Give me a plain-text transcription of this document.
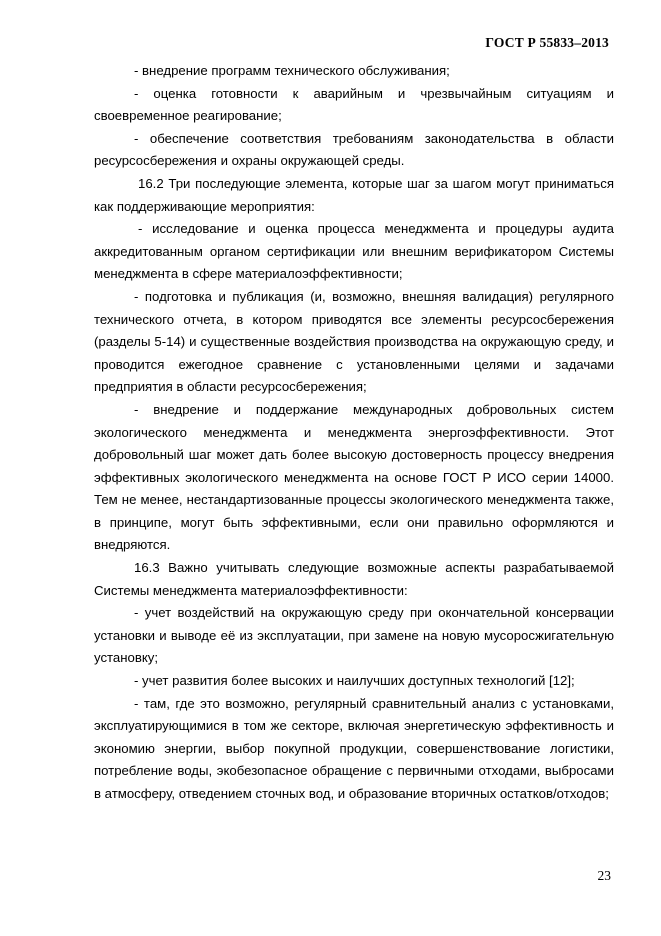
ГОСТ Р 55833–2013

- внедрение программ технического обслуживания;

- оценка готовности к аварийным и чрезвычайным ситуациям и своевременное реагирование;

- обеспечение соответствия требованиям законодательства в области ресурсосбережения и охраны окружающей среды.

16.2 Три последующие элемента, которые шаг за шагом могут приниматься как поддерживающие мероприятия:

- исследование и оценка процесса менеджмента и процедуры аудита аккредитованным органом сертификации или внешним верификатором Системы менеджмента в сфере материалоэффективности;

- подготовка и публикация (и, возможно, внешняя валидация) регулярного технического отчета, в котором приводятся все элементы ресурсосбережения (разделы 5-14) и существенные воздействия производства на окружающую среду, и проводится ежегодное сравнение с установленными целями и задачами предприятия в области ресурсосбережения;

- внедрение и поддержание международных добровольных систем экологического менеджмента и менеджмента энергоэффективности. Этот добровольный шаг может дать более высокую достоверность процессу внедрения эффективных экологического менеджмента на основе ГОСТ Р ИСО серии 14000. Тем не менее, нестандартизованные процессы экологического менеджмента также, в принципе, могут быть эффективными, если они правильно оформляются и внедряются.

16.3 Важно учитывать следующие возможные аспекты разрабатываемой Системы менеджмента материалоэффективности:

- учет воздействий на окружающую среду при окончательной консервации установки и выводе её из эксплуатации, при замене на новую мусоросжигательную установку;

- учет развития более высоких и наилучших доступных технологий [12];

- там, где это возможно, регулярный сравнительный анализ с установками, эксплуатирующимися в том же секторе, включая энергетическую эффективность и экономию энергии, выбор покупной продукции, совершенствование логистики, потребление воды, экобезопасное обращение с первичными отходами, выбросами в атмосферу, отведением сточных вод, и образование вторичных остатков/отходов;

23
